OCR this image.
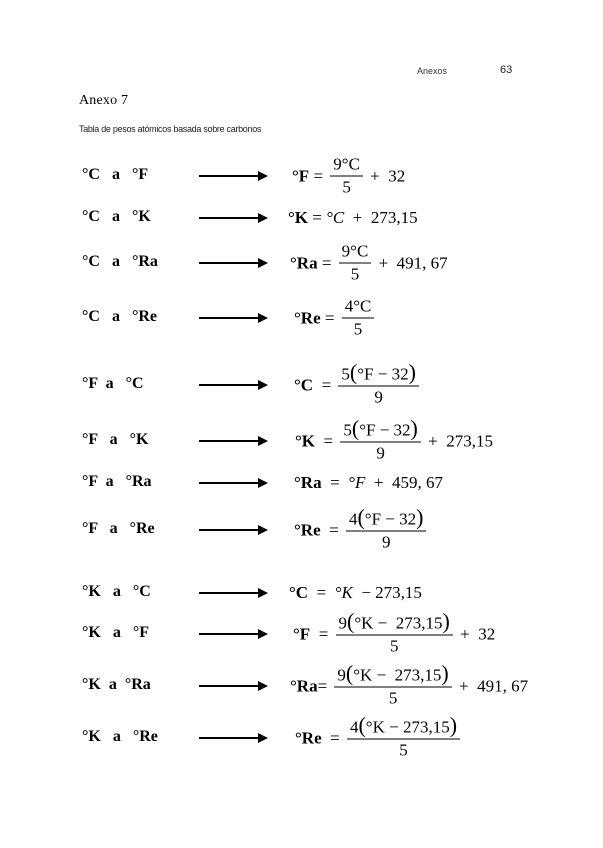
Anexos	63
Anexo 7
Tabla de pesos atómicos basada sobre carbonos
°C a °F	$^\circ F = \frac{9^\circ C}{5} + 32$
°C a °K	°K = °C +  273,15
°C a °Ra	$^\circ Ra = \frac{9^\circ C}{5} + 491$, 67
°C a °Re	$^\circ Re = \frac{4^\circ C}{5}$
°F a °C	$^\circ C = \frac{5(^\circ F - 32)}{9}$
°F a °K	$^\circ K = \frac{5(^\circ F - 32)}{9} + 273,15$
°F a °Ra	°Ra = °F +  459, 67
°F a °Re	$^\circ Re = \frac{4(^\circ F - 32)}{9}$
°K a °C	°C = °K − 273,15
°K a °F	$^\circ F = \frac{9(^\circ K - 273,15)}{5} + 32$
°K a °Ra	$^\circ Ra = \frac{9(^\circ K - 273,15)}{5} + 491$, 67
°K a °Re	$^\circ Re = \frac{4(^\circ K - 273,15)}{5}$
